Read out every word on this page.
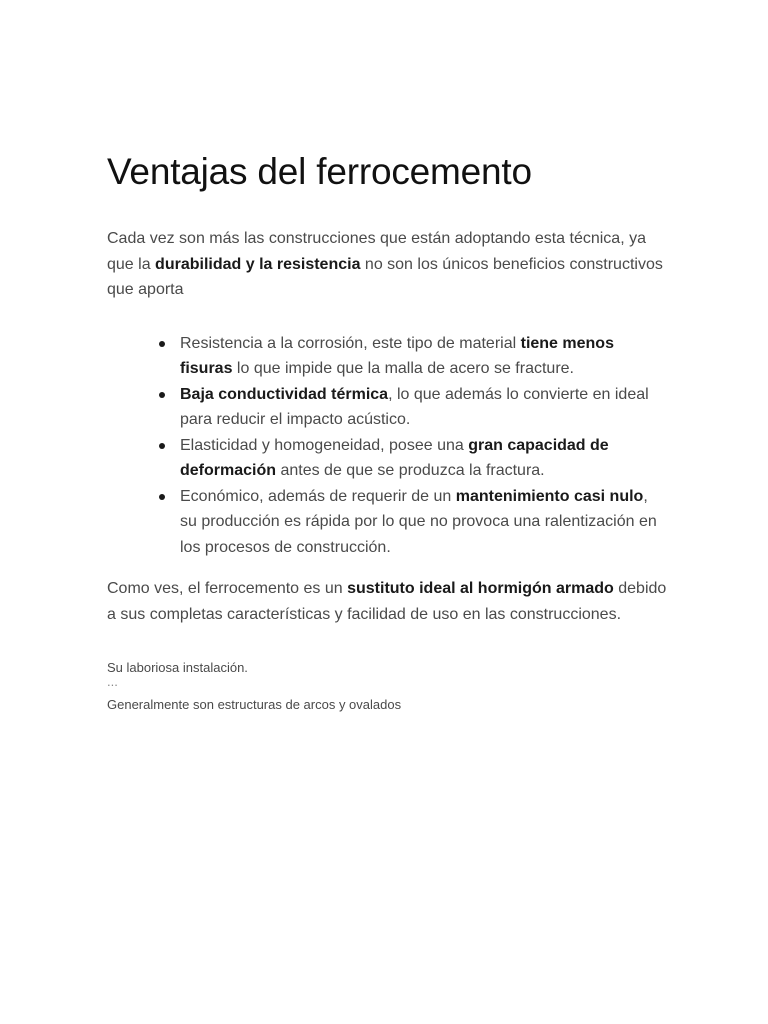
Ventajas del ferrocemento

Cada vez son más las construcciones que están adoptando esta técnica, ya que la durabilidad y la resistencia no son los únicos beneficios constructivos que aporta

Resistencia a la corrosión, este tipo de material tiene menos fisuras lo que impide que la malla de acero se fracture.
Baja conductividad térmica, lo que además lo convierte en ideal para reducir el impacto acústico.
Elasticidad y homogeneidad, posee una gran capacidad de deformación antes de que se produzca la fractura.
Económico, además de requerir de un mantenimiento casi nulo, su producción es rápida por lo que no provoca una ralentización en los procesos de construcción.

Como ves, el ferrocemento es un sustituto ideal al hormigón armado debido a sus completas características y facilidad de uso en las construcciones.

Su laboriosa instalación.

...

Generalmente son estructuras de arcos y ovalados
